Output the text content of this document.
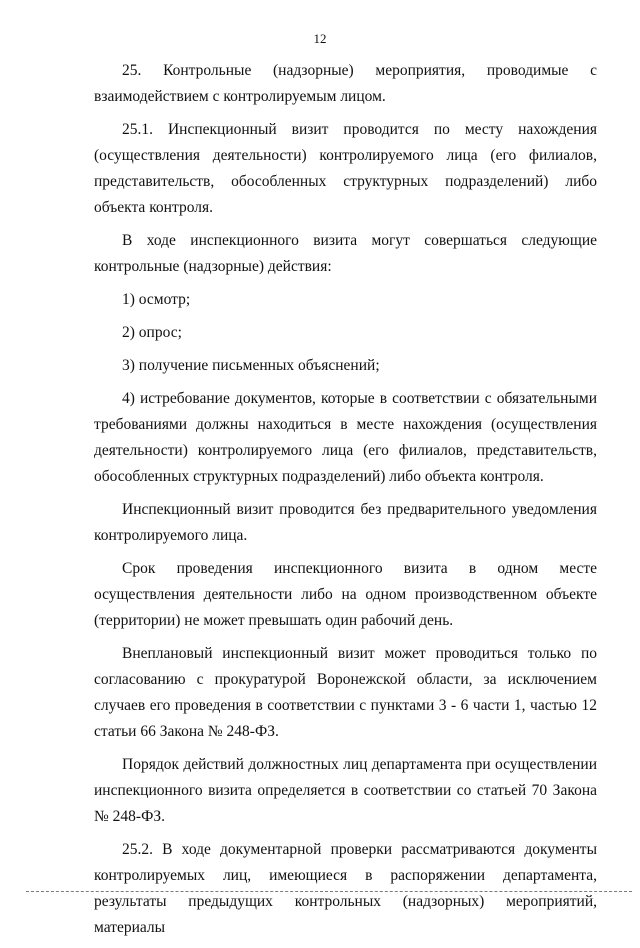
12

25. Контрольные (надзорные) мероприятия, проводимые с взаимодействием с контролируемым лицом.

25.1. Инспекционный визит проводится по месту нахождения (осуществления деятельности) контролируемого лица (его филиалов, представительств, обособленных структурных подразделений) либо объекта контроля.

В ходе инспекционного визита могут совершаться следующие контрольные (надзорные) действия:

1) осмотр;

2) опрос;

3) получение письменных объяснений;

4) истребование документов, которые в соответствии с обязательными требованиями должны находиться в месте нахождения (осуществления деятельности) контролируемого лица (его филиалов, представительств, обособленных структурных подразделений) либо объекта контроля.

Инспекционный визит проводится без предварительного уведомления контролируемого лица.

Срок проведения инспекционного визита в одном месте осуществления деятельности либо на одном производственном объекте (территории) не может превышать один рабочий день.

Внеплановый инспекционный визит может проводиться только по согласованию с прокуратурой Воронежской области, за исключением случаев его проведения в соответствии с пунктами 3 - 6 части 1, частью 12 статьи 66 Закона № 248-ФЗ.

Порядок действий должностных лиц департамента при осуществлении инспекционного визита определяется в соответствии со статьей 70 Закона № 248-ФЗ.

25.2. В ходе документарной проверки рассматриваются документы контролируемых лиц, имеющиеся в распоряжении департамента, результаты предыдущих контрольных (надзорных) мероприятий, материалы
